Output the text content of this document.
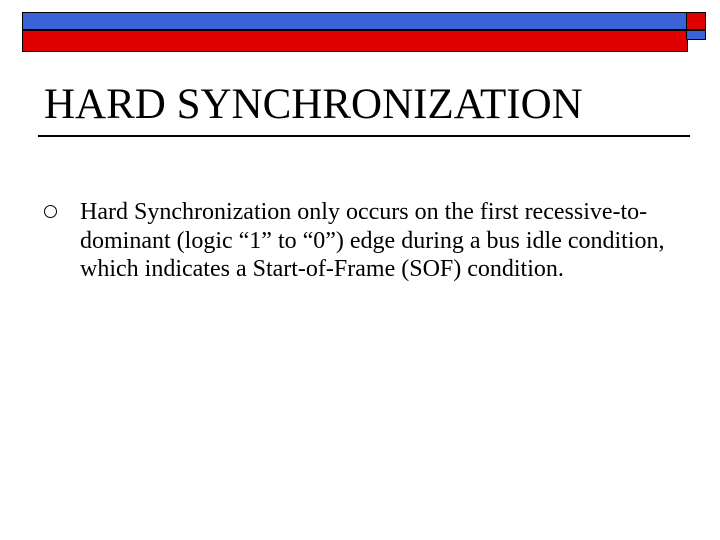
HARD SYNCHRONIZATION
Hard Synchronization only occurs on the first recessive-to-dominant (logic “1” to “0”) edge during a bus idle condition, which indicates a Start-of-Frame (SOF) condition.
